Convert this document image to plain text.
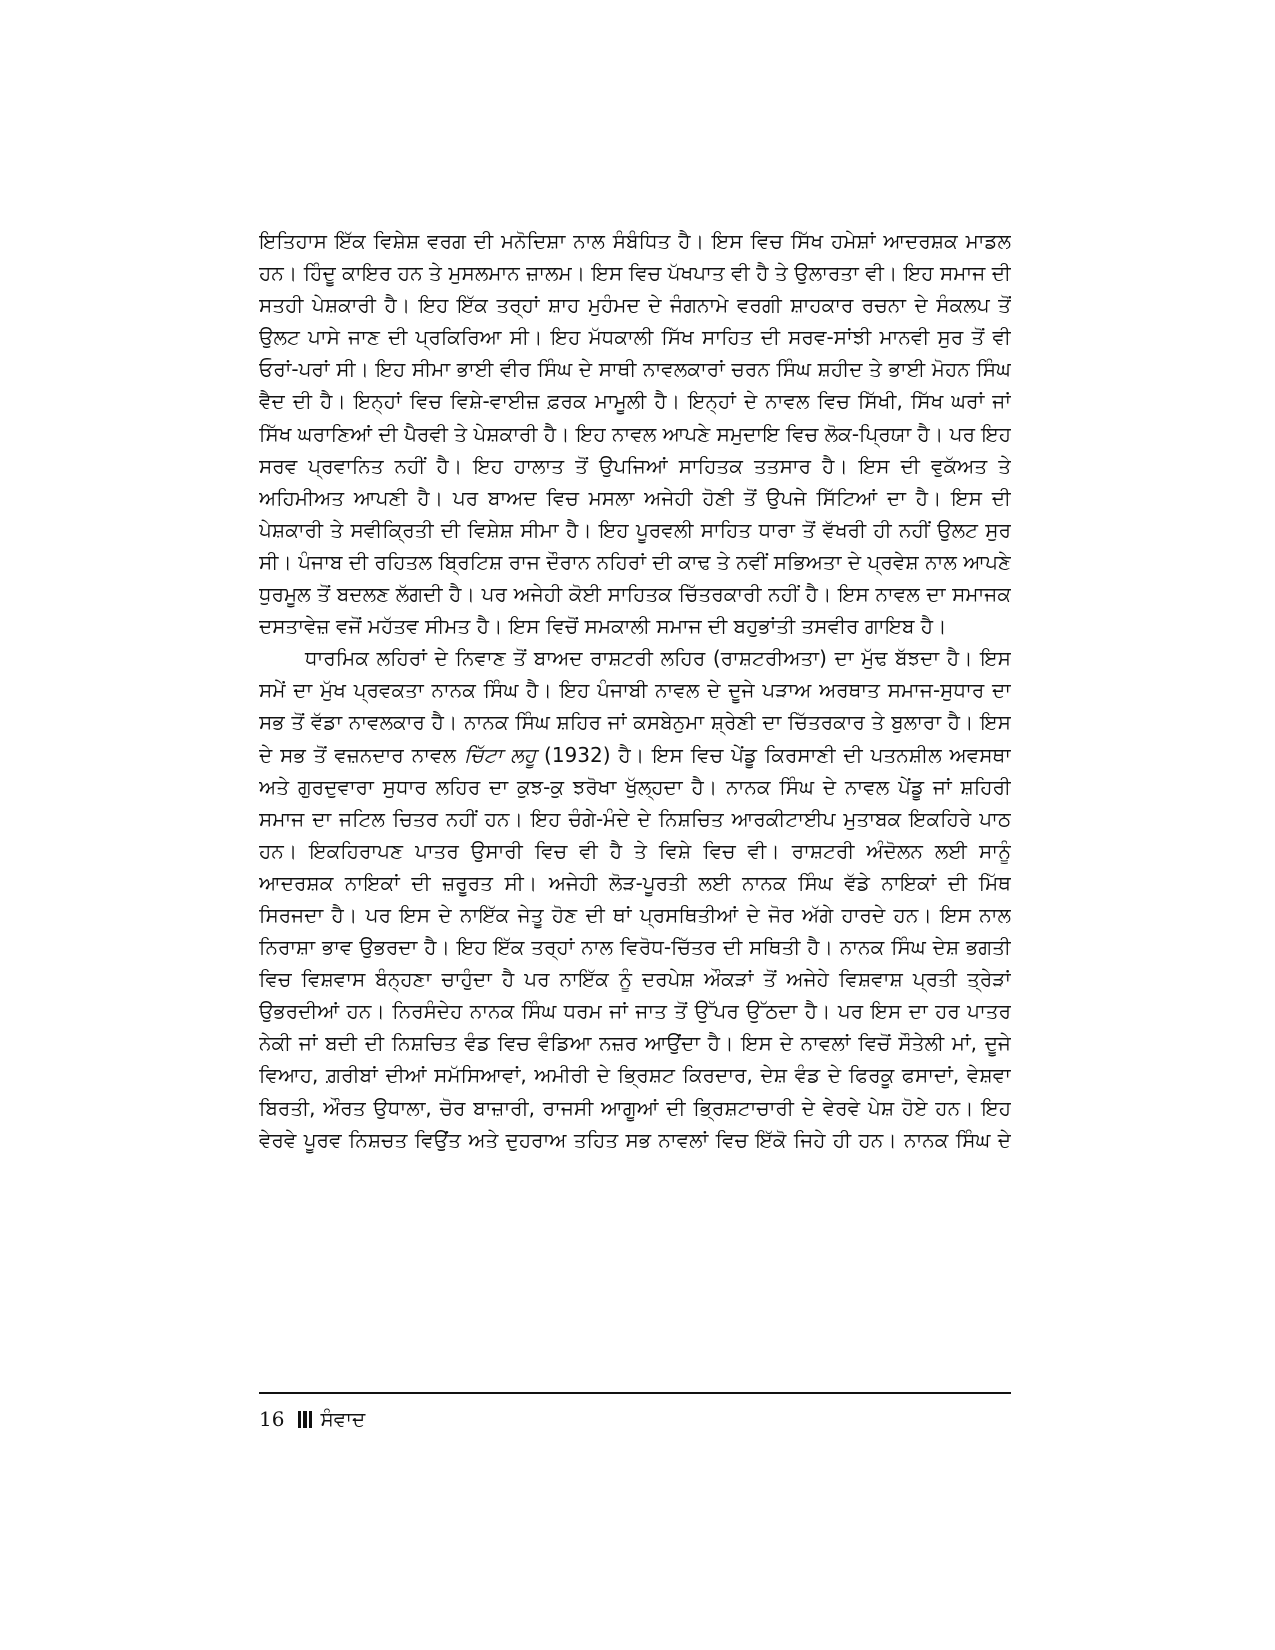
ਇਤਿਹਾਸ ਇੱਕ ਵਿਸ਼ੇਸ਼ ਵਰਗ ਦੀ ਮਨੋਦਿਸ਼ਾ ਨਾਲ ਸੰਬੰਧਿਤ ਹੈ। ਇਸ ਵਿਚ ਸਿੱਖ ਹਮੇਸ਼ਾਂ ਆਦਰਸ਼ਕ ਮਾਡਲ ਹਨ। ਹਿੰਦੂ ਕਾਇਰ ਹਨ ਤੇ ਮੁਸਲਮਾਨ ਜ਼ਾਲਮ। ਇਸ ਵਿਚ ਪੱਖਪਾਤ ਵੀ ਹੈ ਤੇ ਉਲਾਰਤਾ ਵੀ। ਇਹ ਸਮਾਜ ਦੀ ਸਤਹੀ ਪੇਸ਼ਕਾਰੀ ਹੈ। ਇਹ ਇੱਕ ਤਰ੍ਹਾਂ ਸ਼ਾਹ ਮੁਹੰਮਦ ਦੇ ਜੰਗਨਾਮੇ ਵਰਗੀ ਸ਼ਾਹਕਾਰ ਰਚਨਾ ਦੇ ਸੰਕਲਪ ਤੋਂ ਉਲਟ ਪਾਸੇ ਜਾਣ ਦੀ ਪ੍ਰਕਿਰਿਆ ਸੀ। ਇਹ ਮੱਧਕਾਲੀ ਸਿੱਖ ਸਾਹਿਤ ਦੀ ਸਰਵ-ਸਾਂਝੀ ਮਾਨਵੀ ਸੁਰ ਤੋਂ ਵੀ ਓਰਾਂ-ਪਰਾਂ ਸੀ। ਇਹ ਸੀਮਾ ਭਾਈ ਵੀਰ ਸਿੰਘ ਦੇ ਸਾਥੀ ਨਾਵਲਕਾਰਾਂ ਚਰਨ ਸਿੰਘ ਸ਼ਹੀਦ ਤੇ ਭਾਈ ਮੋਹਨ ਸਿੰਘ ਵੈਦ ਦੀ ਹੈ। ਇਨ੍ਹਾਂ ਵਿਚ ਵਿਸ਼ੇ-ਵਾਈਜ਼ ਫ਼ਰਕ ਮਾਮੂਲੀ ਹੈ। ਇਨ੍ਹਾਂ ਦੇ ਨਾਵਲ ਵਿਚ ਸਿੱਖੀ, ਸਿੱਖ ਘਰਾਂ ਜਾਂ ਸਿੱਖ ਘਰਾਣਿਆਂ ਦੀ ਪੈਰਵੀ ਤੇ ਪੇਸ਼ਕਾਰੀ ਹੈ। ਇਹ ਨਾਵਲ ਆਪਣੇ ਸਮੁਦਾਇ ਵਿਚ ਲੋਕ-ਪ੍ਰਿਯਾ ਹੈ। ਪਰ ਇਹ ਸਰਵ ਪ੍ਰਵਾਨਿਤ ਨਹੀਂ ਹੈ। ਇਹ ਹਾਲਾਤ ਤੋਂ ਉਪਜਿਆਂ ਸਾਹਿਤਕ ਤਤਸਾਰ ਹੈ। ਇਸ ਦੀ ਵੁਕੱਅਤ ਤੇ ਅਹਿਮੀਅਤ ਆਪਣੀ ਹੈ। ਪਰ ਬਾਅਦ ਵਿਚ ਮਸਲਾ ਅਜੇਹੀ ਹੋਣੀ ਤੋਂ ਉਪਜੇ ਸਿੱਟਿਆਂ ਦਾ ਹੈ। ਇਸ ਦੀ ਪੇਸ਼ਕਾਰੀ ਤੇ ਸਵੀਕ੍ਰਿਤੀ ਦੀ ਵਿਸ਼ੇਸ਼ ਸੀਮਾ ਹੈ। ਇਹ ਪੂਰਵਲੀ ਸਾਹਿਤ ਧਾਰਾ ਤੋਂ ਵੱਖਰੀ ਹੀ ਨਹੀਂ ਉਲਟ ਸੁਰ ਸੀ। ਪੰਜਾਬ ਦੀ ਰਹਿਤਲ ਬ੍ਰਿਟਿਸ਼ ਰਾਜ ਦੌਰਾਨ ਨਹਿਰਾਂ ਦੀ ਕਾਢ ਤੇ ਨਵੀਂ ਸਭਿਅਤਾ ਦੇ ਪ੍ਰਵੇਸ਼ ਨਾਲ ਆਪਣੇ ਧੁਰਮੂਲ ਤੋਂ ਬਦਲਣ ਲੱਗਦੀ ਹੈ। ਪਰ ਅਜੇਹੀ ਕੋਈ ਸਾਹਿਤਕ ਚਿੱਤਰਕਾਰੀ ਨਹੀਂ ਹੈ। ਇਸ ਨਾਵਲ ਦਾ ਸਮਾਜਕ ਦਸਤਾਵੇਜ਼ ਵਜੋਂ ਮਹੱਤਵ ਸੀਮਤ ਹੈ। ਇਸ ਵਿਚੋਂ ਸਮਕਾਲੀ ਸਮਾਜ ਦੀ ਬਹੁਭਾਂਤੀ ਤਸਵੀਰ ਗਾਇਬ ਹੈ।

ਧਾਰਮਿਕ ਲਹਿਰਾਂ ਦੇ ਨਿਵਾਣ ਤੋਂ ਬਾਅਦ ਰਾਸ਼ਟਰੀ ਲਹਿਰ (ਰਾਸ਼ਟਰੀਅਤਾ) ਦਾ ਮੁੱਢ ਬੱਝਦਾ ਹੈ। ਇਸ ਸਮੇਂ ਦਾ ਮੁੱਖ ਪ੍ਰਵਕਤਾ ਨਾਨਕ ਸਿੰਘ ਹੈ। ਇਹ ਪੰਜਾਬੀ ਨਾਵਲ ਦੇ ਦੂਜੇ ਪੜਾਅ ਅਰਥਾਤ ਸਮਾਜ-ਸੁਧਾਰ ਦਾ ਸਭ ਤੋਂ ਵੱਡਾ ਨਾਵਲਕਾਰ ਹੈ। ਨਾਨਕ ਸਿੰਘ ਸ਼ਹਿਰ ਜਾਂ ਕਸਬੇਨੁਮਾ ਸ਼੍ਰੇਣੀ ਦਾ ਚਿੱਤਰਕਾਰ ਤੇ ਬੁਲਾਰਾ ਹੈ। ਇਸ ਦੇ ਸਭ ਤੋਂ ਵਜ਼ਨਦਾਰ ਨਾਵਲ ਚਿੱਟਾ ਲਹੂ (1932) ਹੈ। ਇਸ ਵਿਚ ਪੇਂਡੂ ਕਿਰਸਾਣੀ ਦੀ ਪਤਨਸ਼ੀਲ ਅਵਸਥਾ ਅਤੇ ਗੁਰਦੁਵਾਰਾ ਸੁਧਾਰ ਲਹਿਰ ਦਾ ਕੁਝ-ਕੁ ਝਰੋਖਾ ਖੁੱਲ੍ਹਦਾ ਹੈ। ਨਾਨਕ ਸਿੰਘ ਦੇ ਨਾਵਲ ਪੇਂਡੂ ਜਾਂ ਸ਼ਹਿਰੀ ਸਮਾਜ ਦਾ ਜਟਿਲ ਚਿਤਰ ਨਹੀਂ ਹਨ। ਇਹ ਚੰਗੇ-ਮੰਦੇ ਦੇ ਨਿਸ਼ਚਿਤ ਆਰਕੀਟਾਈਪ ਮੁਤਾਬਕ ਇਕਹਿਰੇ ਪਾਠ ਹਨ। ਇਕਹਿਰਾਪਣ ਪਾਤਰ ਉਸਾਰੀ ਵਿਚ ਵੀ ਹੈ ਤੇ ਵਿਸ਼ੇ ਵਿਚ ਵੀ। ਰਾਸ਼ਟਰੀ ਅੰਦੋਲਨ ਲਈ ਸਾਨੂੰ ਆਦਰਸ਼ਕ ਨਾਇਕਾਂ ਦੀ ਜ਼ਰੂਰਤ ਸੀ। ਅਜੇਹੀ ਲੋੜ-ਪੂਰਤੀ ਲਈ ਨਾਨਕ ਸਿੰਘ ਵੱਡੇ ਨਾਇਕਾਂ ਦੀ ਮਿੱਥ ਸਿਰਜਦਾ ਹੈ। ਪਰ ਇਸ ਦੇ ਨਾਇੱਕ ਜੇਤੂ ਹੋਣ ਦੀ ਥਾਂ ਪ੍ਰਸਥਿਤੀਆਂ ਦੇ ਜੋਰ ਅੱਗੇ ਹਾਰਦੇ ਹਨ। ਇਸ ਨਾਲ ਨਿਰਾਸ਼ਾ ਭਾਵ ਉਭਰਦਾ ਹੈ। ਇਹ ਇੱਕ ਤਰ੍ਹਾਂ ਨਾਲ ਵਿਰੋਧ-ਚਿੱਤਰ ਦੀ ਸਥਿਤੀ ਹੈ। ਨਾਨਕ ਸਿੰਘ ਦੇਸ਼ ਭਗਤੀ ਵਿਚ ਵਿਸ਼ਵਾਸ ਬੰਨ੍ਹਣਾ ਚਾਹੁੰਦਾ ਹੈ ਪਰ ਨਾਇੱਕ ਨੂੰ ਦਰਪੇਸ਼ ਔਕੜਾਂ ਤੋਂ ਅਜੇਹੇ ਵਿਸ਼ਵਾਸ਼ ਪ੍ਰਤੀ ਤ੍ਰੇੜਾਂ ਉਭਰਦੀਆਂ ਹਨ। ਨਿਰਸੰਦੇਹ ਨਾਨਕ ਸਿੰਘ ਧਰਮ ਜਾਂ ਜਾਤ ਤੋਂ ਉੱਪਰ ਉੱਠਦਾ ਹੈ। ਪਰ ਇਸ ਦਾ ਹਰ ਪਾਤਰ ਨੇਕੀ ਜਾਂ ਬਦੀ ਦੀ ਨਿਸ਼ਚਿਤ ਵੰਡ ਵਿਚ ਵੰਡਿਆ ਨਜ਼ਰ ਆਉਂਦਾ ਹੈ। ਇਸ ਦੇ ਨਾਵਲਾਂ ਵਿਚੋਂ ਸੌਤੇਲੀ ਮਾਂ, ਦੂਜੇ ਵਿਆਹ, ਗ਼ਰੀਬਾਂ ਦੀਆਂ ਸਮੱਸਿਆਵਾਂ, ਅਮੀਰੀ ਦੇ ਭ੍ਰਿਸ਼ਟ ਕਿਰਦਾਰ, ਦੇਸ਼ ਵੰਡ ਦੇ ਫਿਰਕੂ ਫਸਾਦਾਂ, ਵੇਸ਼ਵਾ ਬਿਰਤੀ, ਔਰਤ ਉਧਾਲਾ, ਚੋਰ ਬਾਜ਼ਾਰੀ, ਰਾਜਸੀ ਆਗੂਆਂ ਦੀ ਭ੍ਰਿਸ਼ਟਾਚਾਰੀ ਦੇ ਵੇਰਵੇ ਪੇਸ਼ ਹੋਏ ਹਨ। ਇਹ ਵੇਰਵੇ ਪੂਰਵ ਨਿਸ਼ਚਤ ਵਿਉਂਤ ਅਤੇ ਦੁਹਰਾਅ ਤਹਿਤ ਸਭ ਨਾਵਲਾਂ ਵਿਚ ਇੱਕੋ ਜਿਹੇ ਹੀ ਹਨ। ਨਾਨਕ ਸਿੰਘ ਦੇ

16 ਸੰਵਾਦ
